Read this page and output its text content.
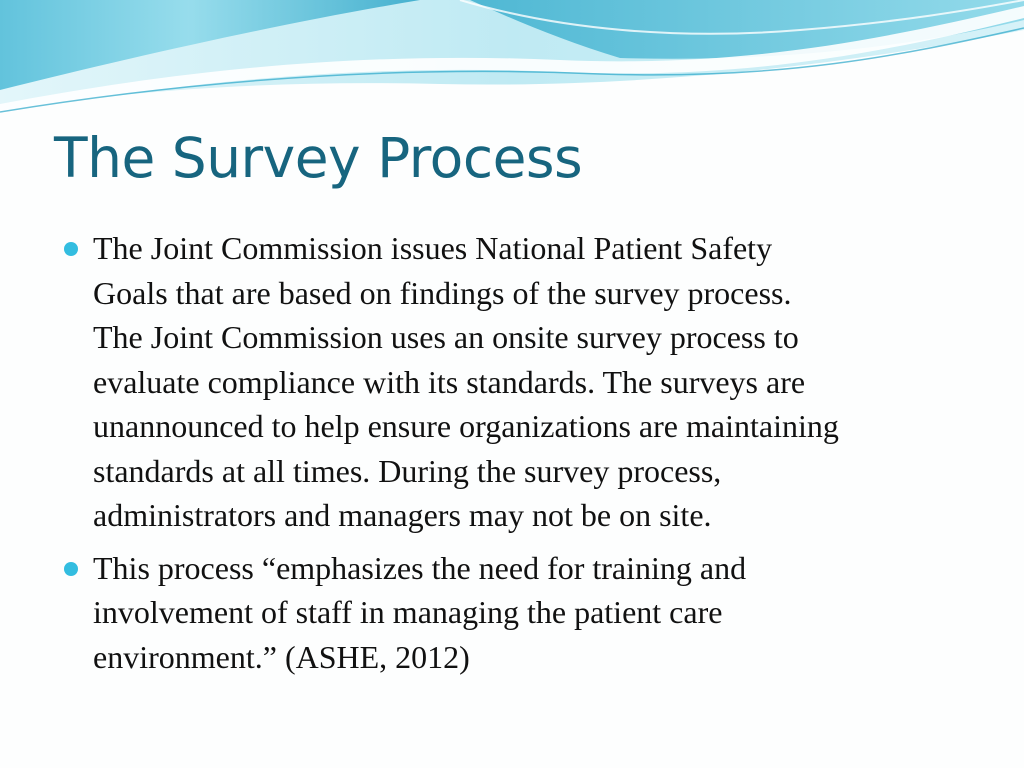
The Survey Process
The Joint Commission issues National Patient Safety
Goals that are based on findings of the survey process.
The Joint Commission uses an onsite survey process to
evaluate compliance with its standards. The surveys are
unannounced to help ensure organizations are maintaining
standards at all times. During the survey process,
administrators and managers may not be on site.
This process “emphasizes the need for training and
involvement of staff in managing the patient care
environment.” (ASHE, 2012)
